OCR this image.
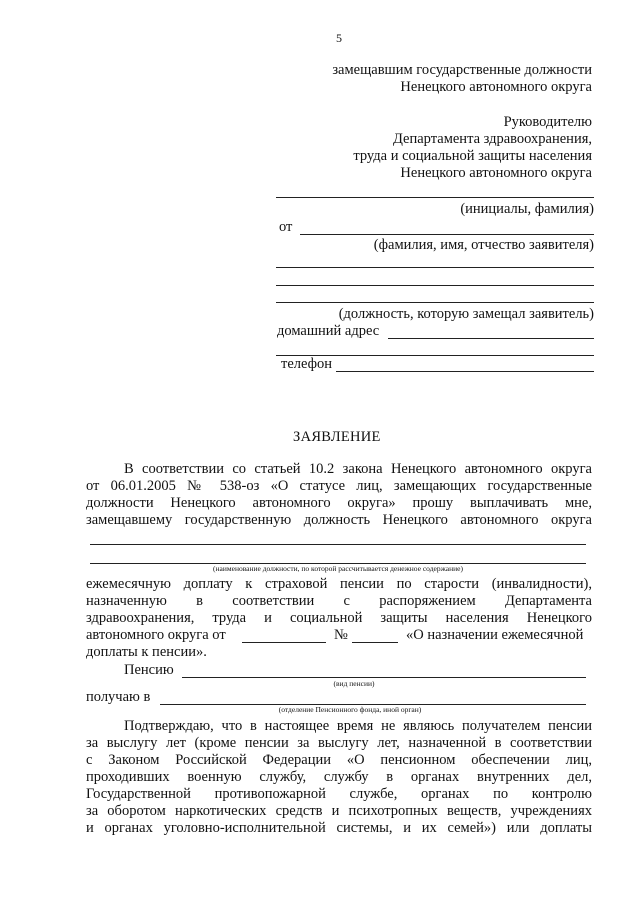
5
замещавшим государственные должности
Ненецкого автономного округа
Руководителю
Департамента здравоохранения,
труда и социальной защиты населения
Ненецкого автономного округа
(инициалы, фамилия)
от
(фамилия, имя, отчество заявителя)
(должность, которую замещал заявитель)
домашний адрес
телефон
ЗАЯВЛЕНИЕ
В соответствии со статьей 10.2 закона Ненецкого автономного округа
от 06.01.2005 № 538-оз «О статусе лиц, замещающих государственные
должности Ненецкого автономного округа» прошу выплачивать мне,
замещавшему государственную должность Ненецкого автономного округа
(наименование должности, по которой рассчитывается денежное содержание)
ежемесячную доплату к страховой пенсии по старости (инвалидности),
назначенную в соответствии с распоряжением Департамента
здравоохранения, труда и социальной защиты населения Ненецкого
автономного округа от	№	«О назначении ежемесячной
доплаты к пенсии».
Пенсию
(вид пенсии)
получаю в
(отделение Пенсионного фонда, иной орган)
Подтверждаю, что в настоящее время не являюсь получателем пенсии
за выслугу лет (кроме пенсии за выслугу лет, назначенной в соответствии
с Законом Российской Федерации «О пенсионном обеспечении лиц,
проходивших военную службу, службу в органах внутренних дел,
Государственной противопожарной службе, органах по контролю
за оборотом наркотических средств и психотропных веществ, учреждениях
и органах уголовно-исполнительной системы, и их семей») или доплаты
